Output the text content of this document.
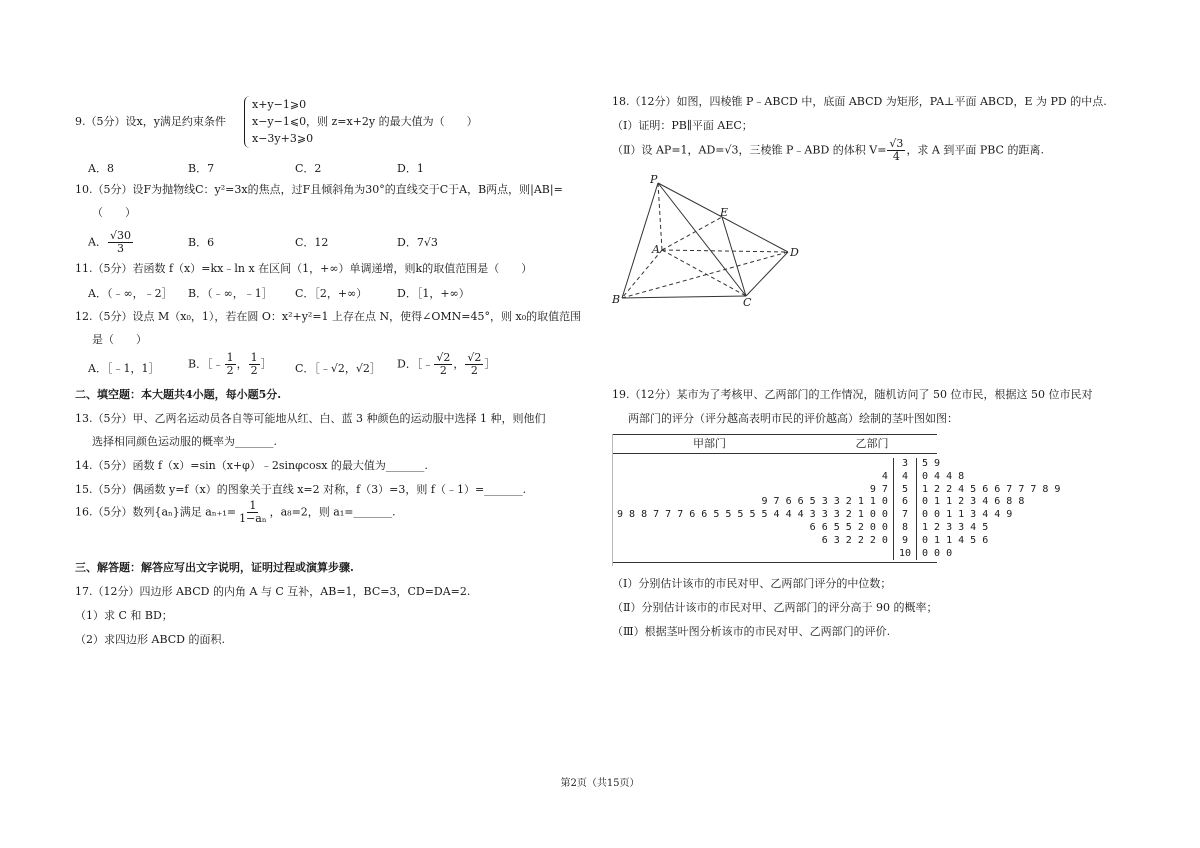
9.（5分）设x，y满足约束条件
x+y−1⩾0
x−y−1⩽0
x−3y+3⩾0
，则 z=x+2y 的最大值为（　　）
A．8	B．7	C．2	D．1
10.（5分）设F为抛物线C：y²=3x的焦点，过F且倾斜角为30°的直线交于C于A，B两点，则|AB|=
（　　）
A． $\frac{√30}{3}$	B．6	C．12	D．7√3
11.（5分）若函数 f（x）=kx﹣ln x 在区间（1，+∞）单调递增，则k的取值范围是（　　）
A．（﹣∞，﹣2］ B．（﹣∞，﹣1］ C．［2，+∞）	D．［1，+∞）
12.（5分）设点 M（x₀，1），若在圆 O：x²+y²=1 上存在点 N，使得∠OMN=45°，则 x₀的取值范围
是（　　）
A．［﹣1，1］	B．［﹣ $\frac{1}{2}$ ， $\frac{1}{2}$ ］ C．［﹣√2，√2］ D．［﹣ $\frac{√2}{2}$ ， $\frac{√2}{2}$ ］
二、填空题：本大题共4小题，每小题5分.
13.（5分）甲、乙两名运动员各自等可能地从红、白、蓝 3 种颜色的运动服中选择 1 种，则他们
选择相同颜色运动服的概率为_______.
14.（5分）函数 f（x）=sin（x+φ）﹣2sinφcosx 的最大值为_______.
15.（5分）偶函数 y=f（x）的图象关于直线 x=2 对称，f（3）=3，则 f（﹣1）=_______.
16.（5分）数列{aₙ}满足 $a_{n+1}= \frac{1}{\text{1−aₙ}}$ ，a₈=2，则 a₁=_______.
三、解答题：解答应写出文字说明，证明过程或演算步骤.
17.（12分）四边形 ABCD 的内角 A 与 C 互补，AB=1，BC=3，CD=DA=2.
（1）求 C 和 BD；
（2）求四边形 ABCD 的面积.
18.（12分）如图，四棱锥 P﹣ABCD 中，底面 ABCD 为矩形，PA⊥平面 ABCD，E 为 PD 的中点.
（Ⅰ）证明：PB∥平面 AEC；
（Ⅱ）设 AP=1，AD=√3，三棱锥 P﹣ABD 的体积 $V= \frac{√3}{4}$ ，求 A 到平面 PBC 的距离.
P
E
A	D
B	C
19.（12分）某市为了考核甲、乙两部门的工作情况，随机访问了 50 位市民，根据这 50 位市民对
两部门的评分（评分越高表明市民的评价越高）绘制的茎叶图如图：
甲部门	乙部门
	3	5 9
4	4	0 4 4 8
9 7	5	1 2 2 4 5 6 6 7 7 7 8 9
9 7 6 6 5 3 3 2 1 1 0	6	0 1 1 2 3 4 6 8 8
9 8 8 7 7 7 6 6 5 5 5 5 5 4 4 4 3 3 3 2 1 0 0	7	0 0 1 1 3 4 4 9
6 6 5 5 2 0 0	8	1 2 3 3 4 5
6 3 2 2 2 0	9	0 1 1 4 5 6
	10	0 0 0
（Ⅰ）分别估计该市的市民对甲、乙两部门评分的中位数；
（Ⅱ）分别估计该市的市民对甲、乙两部门的评分高于 90 的概率；
（Ⅲ）根据茎叶图分析该市的市民对甲、乙两部门的评价.
第2页（共15页）
